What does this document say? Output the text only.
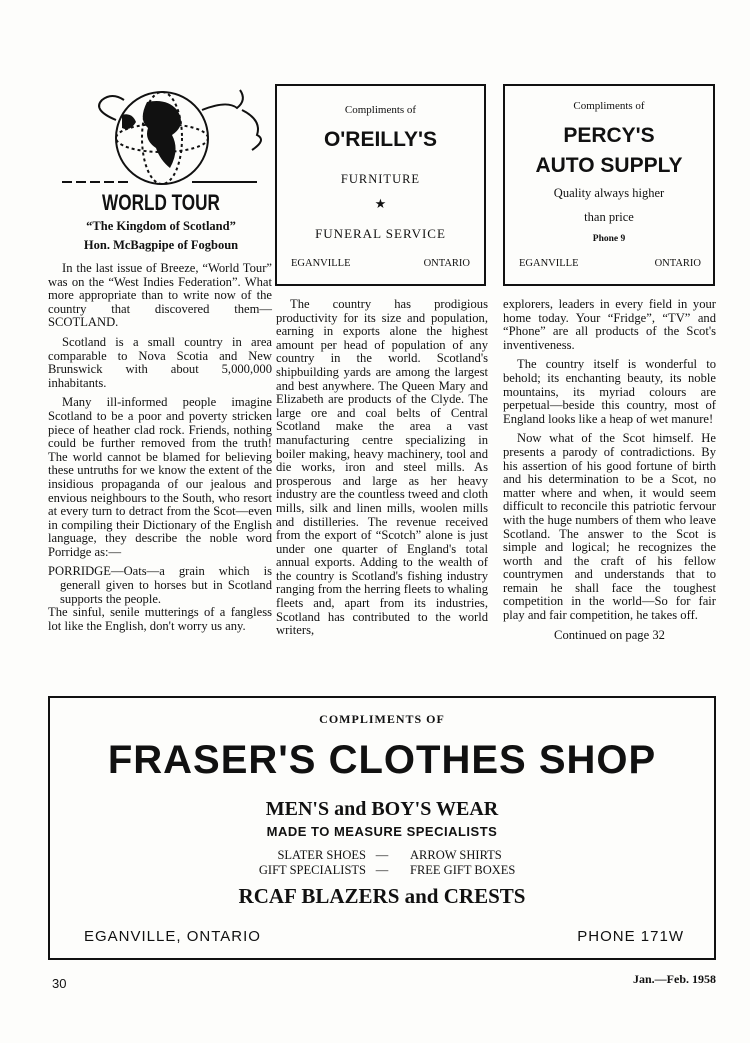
WORLD TOUR
“The Kingdom of Scotland”
Hon. McBagpipe of Fogboun

In the last issue of Breeze, “World Tour” was on the “West Indies Federation”. What more appropriate than to write now of the country that discovered them— SCOTLAND.

Scotland is a small country in area comparable to Nova Scotia and New Brunswick with about 5,000,000 inhabitants.

Many ill-informed people imagine Scotland to be a poor and poverty stricken piece of heather clad rock. Friends, nothing could be further removed from the truth! The world cannot be blamed for believing these untruths for we know the extent of the insidious propaganda of our jealous and envious neighbours to the South, who resort at every turn to detract from the Scot—even in compiling their Dictionary of the English language, they describe the noble word Porridge as:—

PORRIDGE—Oats—a grain which is generall given to horses but in Scotland supports the people.

The sinful, senile mutterings of a fangless lot like the English, don't worry us any.

Compliments of
O'REILLY'S
FURNITURE
★
FUNERAL SERVICE
EGANVILLE	ONTARIO
Compliments of
PERCY'S
AUTO SUPPLY
Quality always higher
than price
Phone 9
EGANVILLE	ONTARIO

The country has prodigious productivity for its size and population, earning in exports alone the highest amount per head of population of any country in the world. Scotland's shipbuilding yards are among the largest and best anywhere. The Queen Mary and Elizabeth are products of the Clyde. The large ore and coal belts of Central Scotland make the area a vast manufacturing centre specializing in boiler making, heavy machinery, tool and die works, iron and steel mills. As prosperous and large as her heavy industry are the countless tweed and cloth mills, silk and linen mills, woolen mills and distilleries. The revenue received from the export of “Scotch” alone is just under one quarter of England's total annual exports. Adding to the wealth of the country is Scotland's fishing industry ranging from the herring fleets to whaling fleets and, apart from its industries, Scotland has contributed to the world writers,

explorers, leaders in every field in your home today. Your “Fridge”, “TV” and “Phone” are all products of the Scot's inventiveness.

The country itself is wonderful to behold; its enchanting beauty, its noble mountains, its myriad colours are perpetual—beside this country, most of England looks like a heap of wet manure!

Now what of the Scot himself. He presents a parody of contradictions. By his assertion of his good fortune of birth and his determination to be a Scot, no matter where and when, it would seem difficult to reconcile this patriotic fervour with the huge numbers of them who leave Scotland. The answer to the Scot is simple and logical; he recognizes the worth and the craft of his fellow countrymen and understands that to remain he shall face the toughest competition in the world—So for fair play and fair competition, he takes off.

Continued on page 32

COMPLIMENTS OF
FRASER'S CLOTHES SHOP
MEN'S and BOY'S WEAR
MADE TO MEASURE SPECIALISTS
SLATER SHOES —	ARROW SHIRTS
GIFT SPECIALISTS —	FREE GIFT BOXES
RCAF BLAZERS and CRESTS
EGANVILLE, ONTARIO	PHONE 171W
30	Jan.—Feb. 1958
